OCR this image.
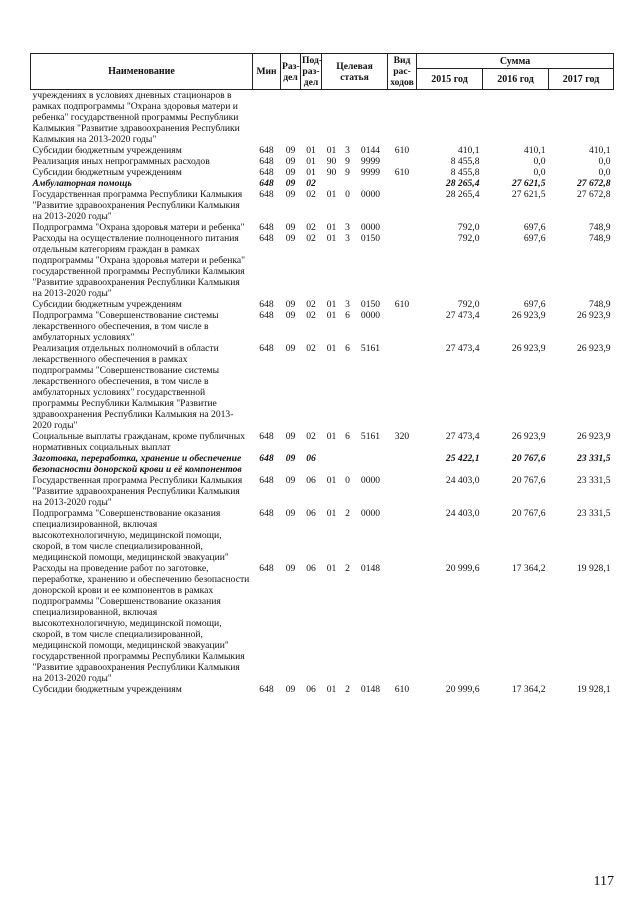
Наименование	Мин	Раз-дел	Под-раз-дел	Целевая статья			Вид рас-ходов	Сумма		
								2015 год	2016 год	2017 год
учреждениях в условиях дневных стационаров в рамках подпрограммы "Охрана здоровья матери и ребенка" государственной программы Республики Калмыкия "Развитие здравоохранения Республики Калмыкия на 2013-2020 годы"										
Субсидии бюджетным учреждениям	648	09	01	01	3	0144	610	410,1	410,1	410,1
Реализация иных непрограммных расходов	648	09	01	90	9	9999		8 455,8	0,0	0,0
Субсидии бюджетным учреждениям	648	09	01	90	9	9999	610	8 455,8	0,0	0,0
Амбулаторная помощь	648	09	02					28 265,4	27 621,5	27 672,8
Государственная программа Республики Калмыкия "Развитие здравоохранения Республики Калмыкия на 2013-2020 годы"	648	09	02	01	0	0000		28 265,4	27 621,5	27 672,8
Подпрограмма "Охрана здоровья матери и ребенка"	648	09	02	01	3	0000		792,0	697,6	748,9
Расходы на осуществление полноценного питания отдельным категориям граждан в рамках подпрограммы "Охрана здоровья матери и ребенка" государственной программы Республики Калмыкия "Развитие здравоохранения Республики Калмыкия на 2013-2020 годы"	648	09	02	01	3	0150		792,0	697,6	748,9
Субсидии бюджетным учреждениям	648	09	02	01	3	0150	610	792,0	697,6	748,9
Подпрограмма "Совершенствование системы лекарственного обеспечения, в том числе в амбулаторных условиях"	648	09	02	01	6	0000		27 473,4	26 923,9	26 923,9
Реализация отдельных полномочий в области лекарственного обеспечения в рамках подпрограммы "Совершенствование системы лекарственного обеспечения, в том числе в амбулаторных условиях" государственной программы Республики Калмыкия "Развитие здравоохранения Республики Калмыкия на 2013-2020 годы"	648	09	02	01	6	5161		27 473,4	26 923,9	26 923,9
Социальные выплаты гражданам, кроме публичных нормативных социальных выплат	648	09	02	01	6	5161	320	27 473,4	26 923,9	26 923,9
Заготовка, переработка, хранение и обеспечение безопасности донорской крови и её компонентов	648	09	06					25 422,1	20 767,6	23 331,5
Государственная программа Республики Калмыкия "Развитие здравоохранения Республики Калмыкия на 2013-2020 годы"	648	09	06	01	0	0000		24 403,0	20 767,6	23 331,5
Подпрограмма "Совершенствование оказания специализированной, включая высокотехнологичную, медицинской помощи, скорой, в том числе специализированной, медицинской помощи, медицинской эвакуации"	648	09	06	01	2	0000		24 403,0	20 767,6	23 331,5
Расходы на проведение работ по заготовке, переработке, хранению и обеспечению безопасности донорской крови и ее компонентов в рамках подпрограммы "Совершенствование оказания специализированной, включая высокотехнологичную, медицинской помощи, скорой, в том числе специализированной, медицинской помощи, медицинской эвакуации" государственной программы Республики Калмыкия "Развитие здравоохранения Республики Калмыкия на 2013-2020 годы"	648	09	06	01	2	0148		20 999,6	17 364,2	19 928,1
Субсидии бюджетным учреждениям	648	09	06	01	2	0148	610	20 999,6	17 364,2	19 928,1
117
